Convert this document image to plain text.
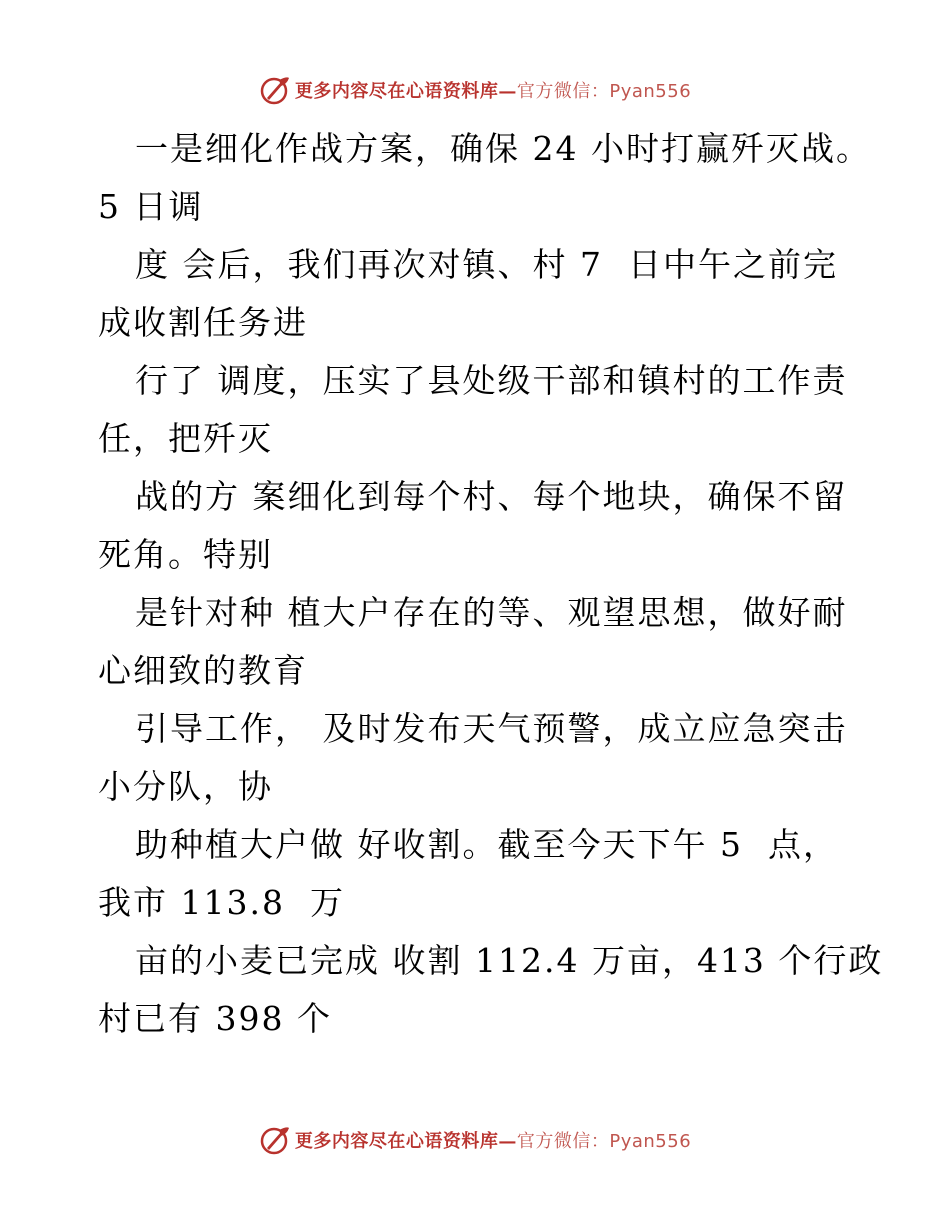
更多内容尽在心语资料库—官方微信：Pyan556
一是细化作战方案，确保 24 小时打赢歼灭战。
5 日调
度 会后，我们再次对镇、村 7  日中午之前完
成收割任务进
行了 调度，压实了县处级干部和镇村的工作责
任，把歼灭
战的方 案细化到每个村、每个地块，确保不留
死角。特别
是针对种 植大户存在的等、观望思想，做好耐
心细致的教育
引导工作， 及时发布天气预警，成立应急突击
小分队，协
助种植大户做 好收割。截至今天下午 5  点，
我市 113.8  万
亩的小麦已完成 收割 112.4 万亩，413 个行政
村已有 398 个
更多内容尽在心语资料库—官方微信：Pyan556
